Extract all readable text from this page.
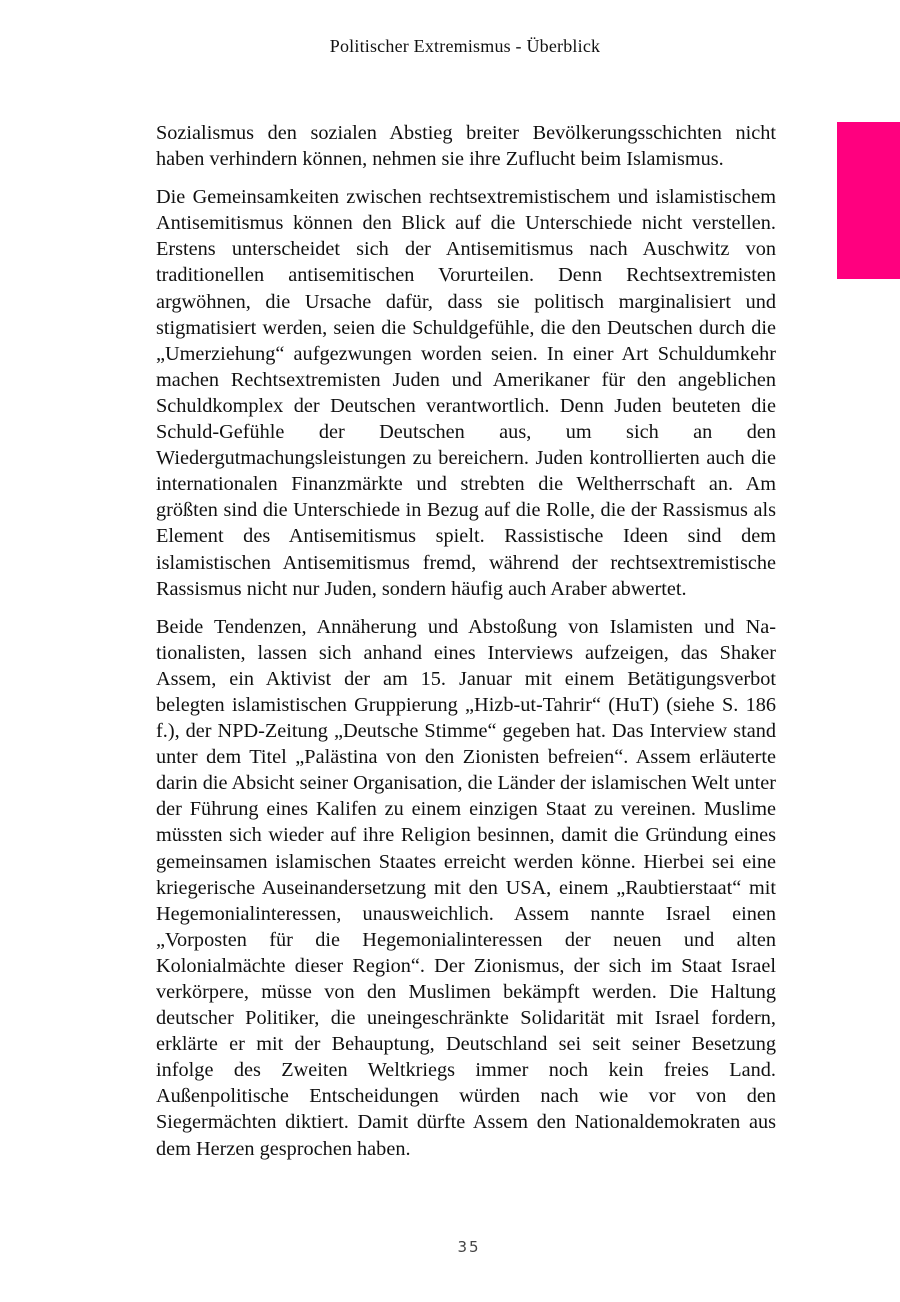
Politischer Extremismus - Überblick

Sozialismus den sozialen Abstieg breiter Bevölkerungsschichten nicht haben verhindern können, nehmen sie ihre Zuflucht beim Islamismus.

Die Gemeinsamkeiten zwischen rechtsextremistischem und islamistischem Antisemitismus können den Blick auf die Unterschiede nicht verstellen. Erstens unterscheidet sich der Antisemitismus nach Auschwitz von traditionellen antisemitischen Vorurteilen. Denn Rechtsextremisten argwöhnen, die Ursache dafür, dass sie politisch marginalisiert und stigmatisiert werden, seien die Schuldgefühle, die den Deutschen durch die „Umerziehung“ aufgezwungen worden seien. In einer Art Schuldumkehr machen Rechtsextremisten Juden und Amerikaner für den angeblichen Schuldkomplex der Deutschen verantwortlich. Denn Juden beuteten die Schuld-Gefühle der Deutschen aus, um sich an den Wiedergutmachungsleistungen zu bereichern. Juden kontrollierten auch die internationalen Finanzmärkte und strebten die Weltherrschaft an. Am größten sind die Unterschiede in Bezug auf die Rolle, die der Rassismus als Element des Antisemitismus spielt. Rassistische Ideen sind dem islamistischen Antisemitismus fremd, während der rechtsextremistische Rassismus nicht nur Juden, sondern häufig auch Araber abwertet.

Beide Tendenzen, Annäherung und Abstoßung von Islamisten und Nationalisten, lassen sich anhand eines Interviews aufzeigen, das Shaker Assem, ein Aktivist der am 15. Januar mit einem Betätigungsverbot belegten islamistischen Gruppierung „Hizb-ut-Tahrir“ (HuT) (siehe S. 186 f.), der NPD-Zeitung „Deutsche Stimme“ gegeben hat. Das Interview stand unter dem Titel „Palästina von den Zionisten befreien“. Assem erläuterte darin die Absicht seiner Organisation, die Länder der islamischen Welt unter der Führung eines Kalifen zu einem einzigen Staat zu vereinen. Muslime müssten sich wieder auf ihre Religion besinnen, damit die Gründung eines gemeinsamen islamischen Staates erreicht werden könne. Hierbei sei eine kriegerische Auseinandersetzung mit den USA, einem „Raubtierstaat“ mit Hegemonialinteressen, unausweichlich. Assem nannte Israel einen „Vorposten für die Hegemonialinteressen der neuen und alten Kolonialmächte dieser Region“. Der Zionismus, der sich im Staat Israel verkörpere, müsse von den Muslimen bekämpft werden. Die Haltung deutscher Politiker, die uneingeschränkte Solidarität mit Israel fordern, erklärte er mit der Behauptung, Deutschland sei seit seiner Besetzung infolge des Zweiten Weltkriegs immer noch kein freies Land. Außenpolitische Entscheidungen würden nach wie vor von den Siegermächten diktiert. Damit dürfte Assem den Nationaldemokraten aus dem Herzen gesprochen haben.

35
